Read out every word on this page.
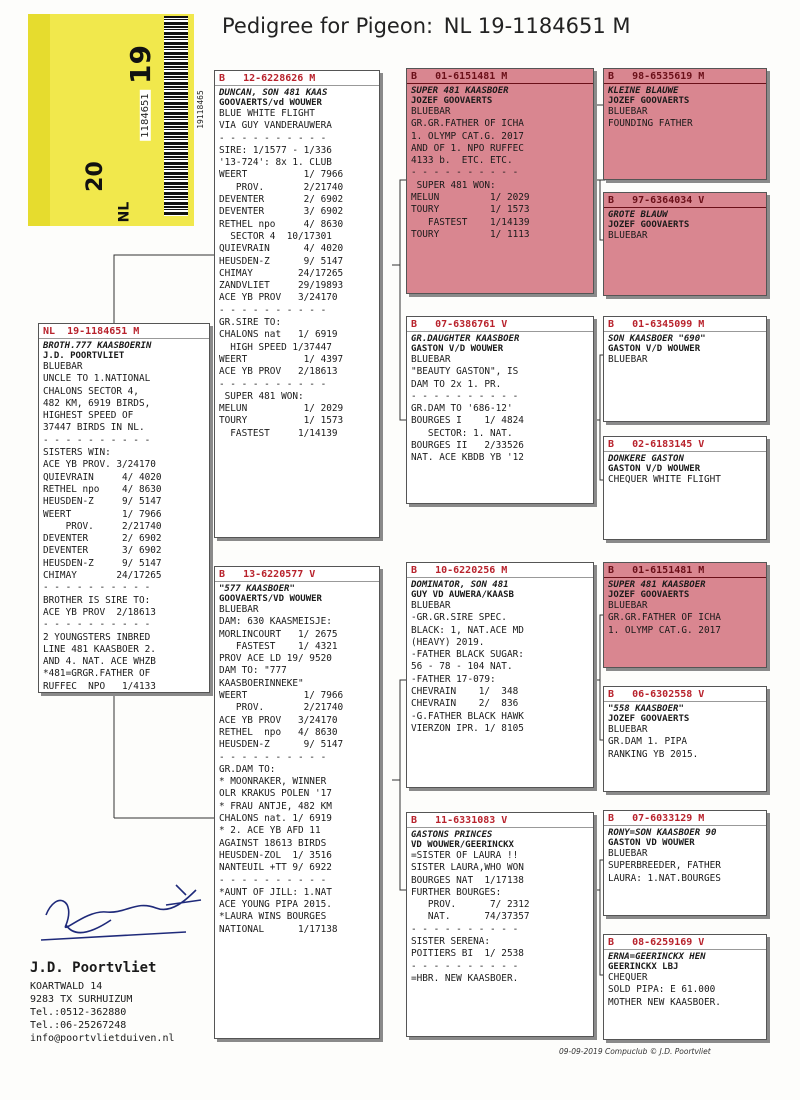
19
20
NL
1184651	19118465
Pedigree for Pigeon: NL 19-1184651 M
NL  19-1184651 M
BROTH.777 KAASBOERIN
J.D. POORTVLIET
BLUEBAR
UNCLE TO 1.NATIONAL
CHALONS SECTOR 4,
482 KM, 6919 BIRDS,
HIGHEST SPEED OF
37447 BIRDS IN NL.
- - - - - - - - - -
SISTERS WIN:
ACE YB PROV. 3/24170
QUIEVRAIN     4/ 4020
RETHEL npo    4/ 8630
HEUSDEN-Z     9/ 5147
WEERT         1/ 7966
PROV.     2/21740
DEVENTER      2/ 6902
DEVENTER      3/ 6902
HEUSDEN-Z     9/ 5147
CHIMAY       24/17265
- - - - - - - - - -
BROTHER IS SIRE TO:
ACE YB PROV  2/18613
- - - - - - - - - -
2 YOUNGSTERS INBRED
LINE 481 KAASBOER 2.
AND 4. NAT. ACE WHZB
*481=GRGR.FATHER OF
RUFFEC  NPO   1/4133
B   12-6228626 M
DUNCAN, SON 481 KAAS
GOOVAERTS/vd WOUWER
BLUE WHITE FLIGHT
VIA GUY VANDERAUWERA
- - - - - - - - - -
SIRE: 1/1577 - 1/336
'13-724': 8x 1. CLUB
WEERT          1/ 7966
PROV.       2/21740
DEVENTER       2/ 6902
DEVENTER       3/ 6902
RETHEL npo     4/ 8630
SECTOR 4  10/17301
QUIEVRAIN      4/ 4020
HEUSDEN-Z      9/ 5147
CHIMAY        24/17265
ZANDVLIET     29/19893
ACE YB PROV   3/24170
- - - - - - - - - -
GR.SIRE TO:
CHALONS nat   1/ 6919
HIGH SPEED 1/37447
WEERT          1/ 4397
ACE YB PROV   2/18613
- - - - - - - - - -
SUPER 481 WON:
MELUN          1/ 2029
TOURY          1/ 1573
FASTEST     1/14139
B   13-6220577 V
"577 KAASBOER"
GOOVAERTS/VD WOUWER
BLUEBAR
DAM: 630 KAASMEISJE:
MORLINCOURT   1/ 2675
FASTEST    1/ 4321
PROV ACE LD 19/ 9520
DAM TO: "777
KAASBOERINNEKE"
WEERT          1/ 7966
PROV.       2/21740
ACE YB PROV   3/24170
RETHEL  npo   4/ 8630
HEUSDEN-Z      9/ 5147
- - - - - - - - - -
GR.DAM TO:
* MOONRAKER, WINNER
OLR KRAKUS POLEN '17
* FRAU ANTJE, 482 KM
CHALONS nat. 1/ 6919
* 2. ACE YB AFD 11
AGAINST 18613 BIRDS
HEUSDEN-ZOL  1/ 3516
NANTEUIL +TT 9/ 6922
- - - - - - - - - -
*AUNT OF JILL: 1.NAT
ACE YOUNG PIPA 2015.
*LAURA WINS BOURGES
NATIONAL      1/17138
B   01-6151481 M
SUPER 481 KAASBOER
JOZEF GOOVAERTS
BLUEBAR
GR.GR.FATHER OF ICHA
1. OLYMP CAT.G. 2017
AND OF 1. NPO RUFFEC
4133 b.  ETC. ETC.
- - - - - - - - - -
SUPER 481 WON:
MELUN         1/ 2029
TOURY         1/ 1573
FASTEST    1/14139
TOURY         1/ 1113
B   07-6386761 V
GR.DAUGHTER KAASBOER
GASTON V/D WOUWER
BLUEBAR
"BEAUTY GASTON", IS
DAM TO 2x 1. PR.
- - - - - - - - - -
GR.DAM TO '686-12'
BOURGES I    1/ 4824
SECTOR: 1. NAT.
BOURGES II   2/33526
NAT. ACE KBDB YB '12
B   10-6220256 M
DOMINATOR, SON 481
GUY VD AUWERA/KAASB
BLUEBAR
-GR.GR.SIRE SPEC.
BLACK: 1, NAT.ACE MD
(HEAVY) 2019.
-FATHER BLACK SUGAR:
56 - 78 - 104 NAT.
-FATHER 17-079:
CHEVRAIN    1/  348
CHEVRAIN    2/  836
-G.FATHER BLACK HAWK
VIERZON IPR. 1/ 8105
B   11-6331083 V
GASTONS PRINCES
VD WOUWER/GEERINCKX
=SISTER OF LAURA !!
SISTER LAURA,WHO WON
BOURGES NAT  1/17138
FURTHER BOURGES:
PROV.      7/ 2312
NAT.      74/37357
- - - - - - - - - -
SISTER SERENA:
POITIERS BI  1/ 2538
- - - - - - - - - -
=HBR. NEW KAASBOER.
B   98-6535619 M
KLEINE BLAUWE
JOZEF GOOVAERTS
BLUEBAR
FOUNDING FATHER
B   97-6364034 V
GROTE BLAUW
JOZEF GOOVAERTS
BLUEBAR
B   01-6345099 M
SON KAASBOER "690"
GASTON V/D WOUWER
BLUEBAR
B   02-6183145 V
DONKERE GASTON
GASTON V/D WOUWER
CHEQUER WHITE FLIGHT
B   01-6151481 M
SUPER 481 KAASBOER
JOZEF GOOVAERTS
BLUEBAR
GR.GR.FATHER OF ICHA
1. OLYMP CAT.G. 2017
B   06-6302558 V
"558 KAASBOER"
JOZEF GOOVAERTS
BLUEBAR
GR.DAM 1. PIPA
RANKING YB 2015.
B   07-6033129 M
RONY=SON KAASBOER 90
GASTON VD WOUWER
BLUEBAR
SUPERBREEDER, FATHER
LAURA: 1.NAT.BOURGES
B   08-6259169 V
ERNA=GEERINCKX HEN
GEERINCKX LBJ
CHEQUER
SOLD PIPA: E 61.000
MOTHER NEW KAASBOER.
J.D. Poortvliet
KOARTWALD 14
9283 TX SURHUIZUM
Tel.:0512-362880
Tel.:06-25267248
info@poortvlietduiven.nl
09-09-2019 Compuclub © J.D. Poortvliet
